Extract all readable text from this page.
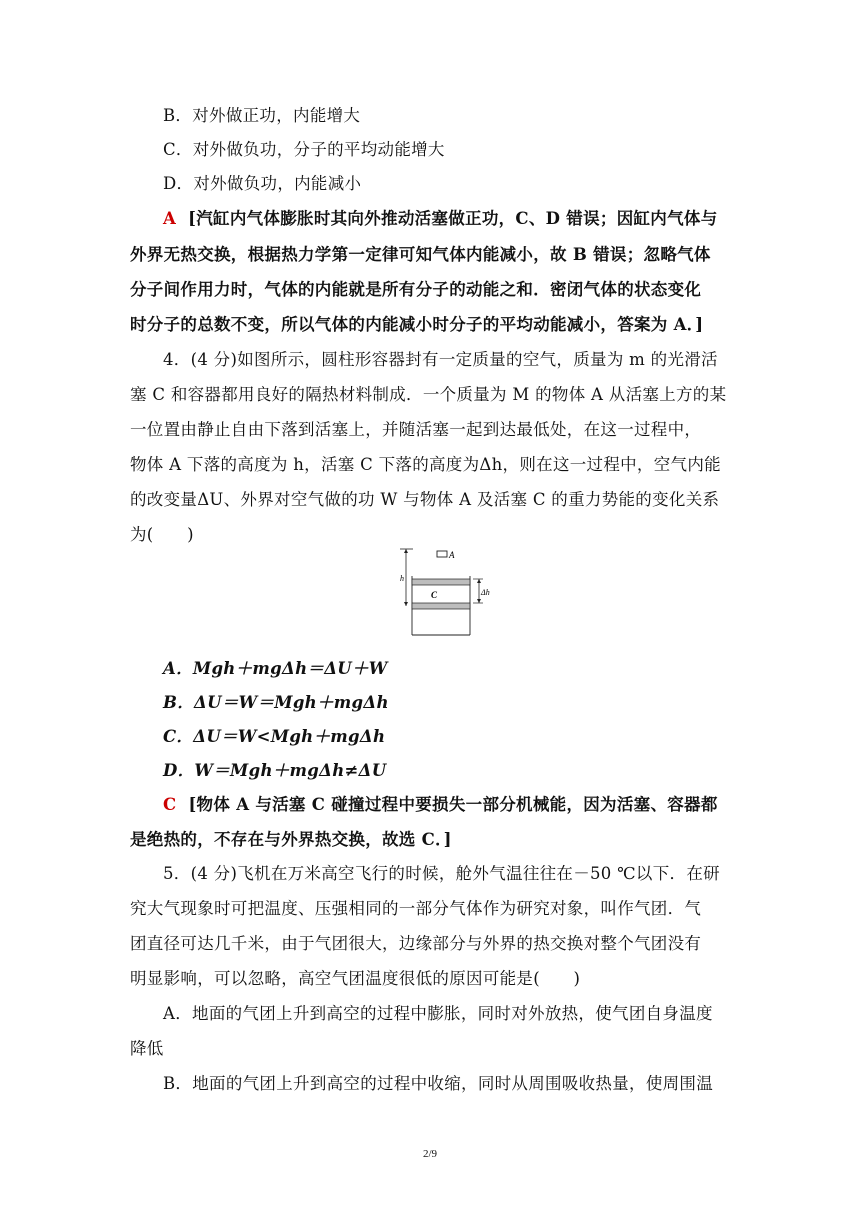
B．对外做正功，内能增大
C．对外做负功，分子的平均动能增大
D．对外做负功，内能减小
A [汽缸内气体膨胀时其向外推动活塞做正功，C、D 错误；因缸内气体与
外界无热交换，根据热力学第一定律可知气体内能减小，故 B 错误；忽略气体
分子间作用力时，气体的内能就是所有分子的动能之和．密闭气体的状态变化
时分子的总数不变，所以气体的内能减小时分子的平均动能减小，答案为 A．]
4．(4 分)如图所示，圆柱形容器封有一定质量的空气，质量为 m 的光滑活
塞 C 和容器都用良好的隔热材料制成．一个质量为 M 的物体 A 从活塞上方的某
一位置由静止自由下落到活塞上，并随活塞一起到达最低处，在这一过程中，
物体 A 下落的高度为 h，活塞 C 下落的高度为Δh，则在这一过程中，空气内能
的改变量ΔU、外界对空气做的功 W 与物体 A 及活塞 C 的重力势能的变化关系
为(　　)
A
h
C	Δh
A．Mgh＋mgΔh＝ΔU＋W
B．ΔU＝W＝Mgh＋mgΔh
C．ΔU＝W<Mgh＋mgΔh
D．W＝Mgh＋mgΔh≠ΔU
C [物体 A 与活塞 C 碰撞过程中要损失一部分机械能，因为活塞、容器都
是绝热的，不存在与外界热交换，故选 C．]
5．(4 分)飞机在万米高空飞行的时候，舱外气温往往在－50 ℃以下．在研
究大气现象时可把温度、压强相同的一部分气体作为研究对象，叫作气团．气
团直径可达几千米，由于气团很大，边缘部分与外界的热交换对整个气团没有
明显影响，可以忽略，高空气团温度很低的原因可能是(　　)
A．地面的气团上升到高空的过程中膨胀，同时对外放热，使气团自身温度
降低
B．地面的气团上升到高空的过程中收缩，同时从周围吸收热量，使周围温
2/9
